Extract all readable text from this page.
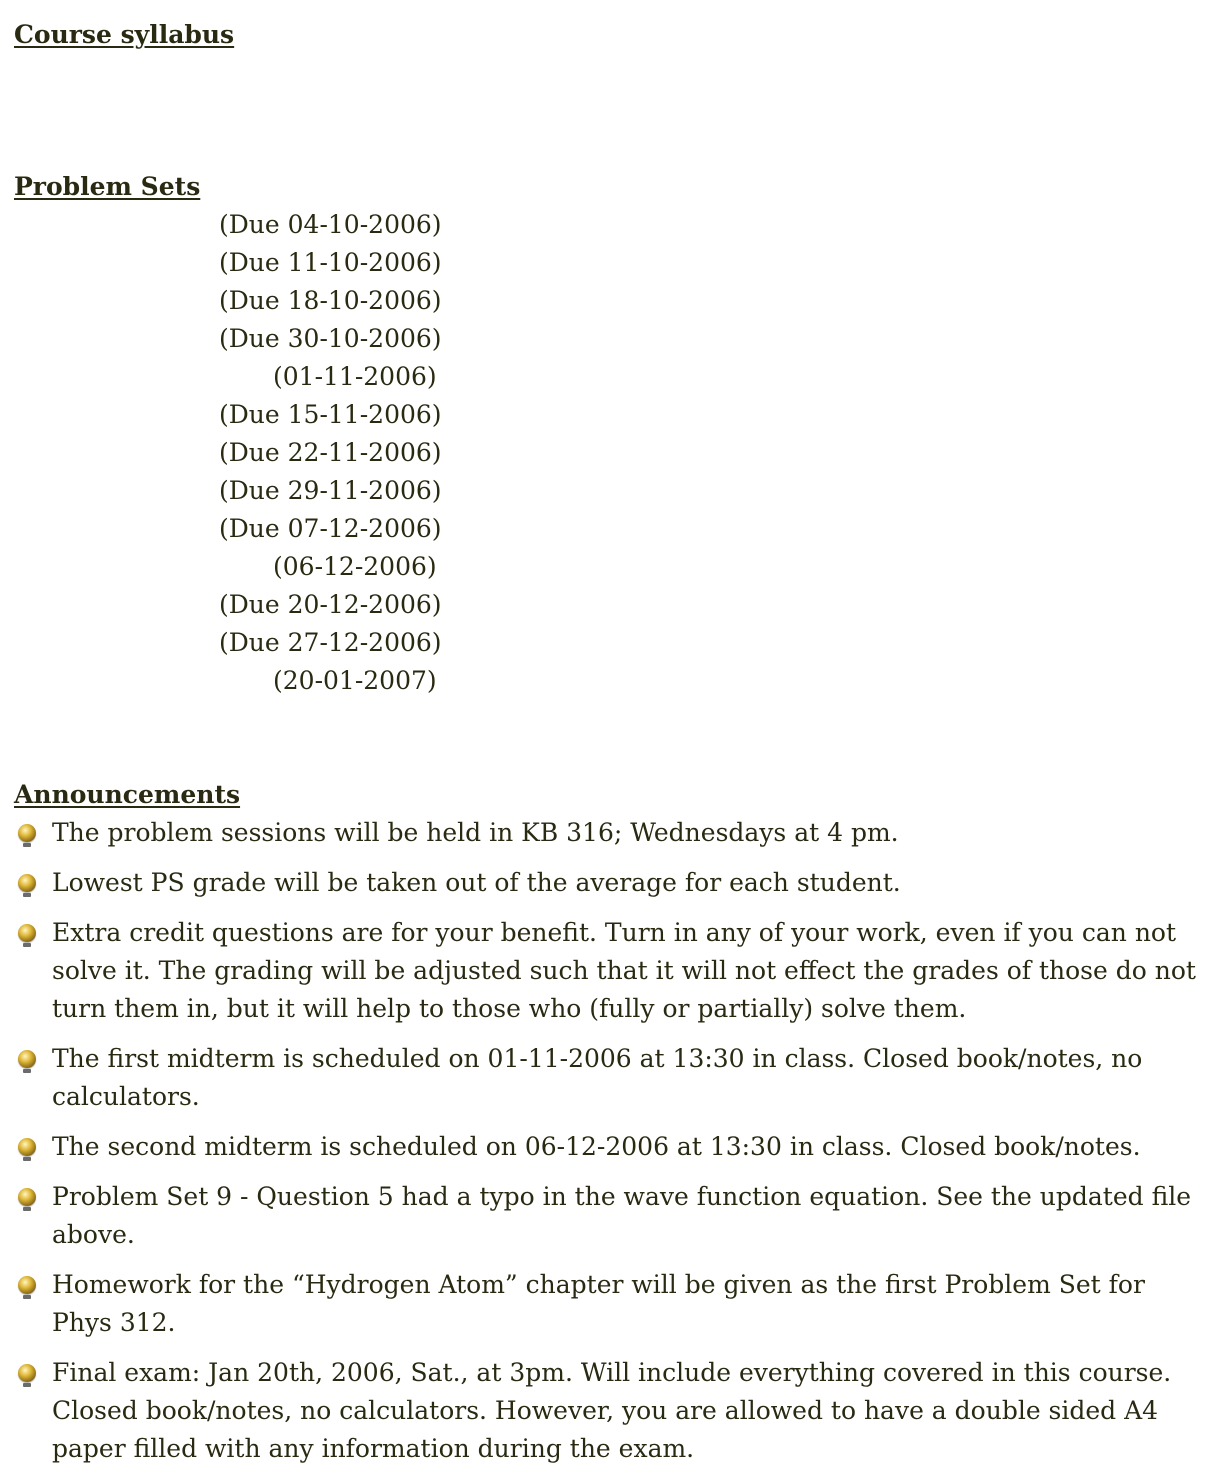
Course syllabus
Problem Sets
(Due 04-10-2006)
(Due 11-10-2006)
(Due 18-10-2006)
(Due 30-10-2006)
(01-11-2006)
(Due 15-11-2006)
(Due 22-11-2006)
(Due 29-11-2006)
(Due 07-12-2006)
(06-12-2006)
(Due 20-12-2006)
(Due 27-12-2006)
(20-01-2007)
Announcements
The problem sessions will be held in KB 316; Wednesdays at 4 pm.
Lowest PS grade will be taken out of the average for each student.
Extra credit questions are for your benefit. Turn in any of your work, even if you can not solve it. The grading will be adjusted such that it will not effect the grades of those do not turn them in, but it will help to those who (fully or partially) solve them.
The first midterm is scheduled on 01-11-2006 at 13:30 in class. Closed book/notes, no calculators.
The second midterm is scheduled on 06-12-2006 at 13:30 in class. Closed book/notes.
Problem Set 9 - Question 5 had a typo in the wave function equation. See the updated file above.
Homework for the “Hydrogen Atom” chapter will be given as the first Problem Set for Phys 312.
Final exam: Jan 20th, 2006, Sat., at 3pm. Will include everything covered in this course. Closed book/notes, no calculators. However, you are allowed to have a double sided A4 paper filled with any information during the exam.
